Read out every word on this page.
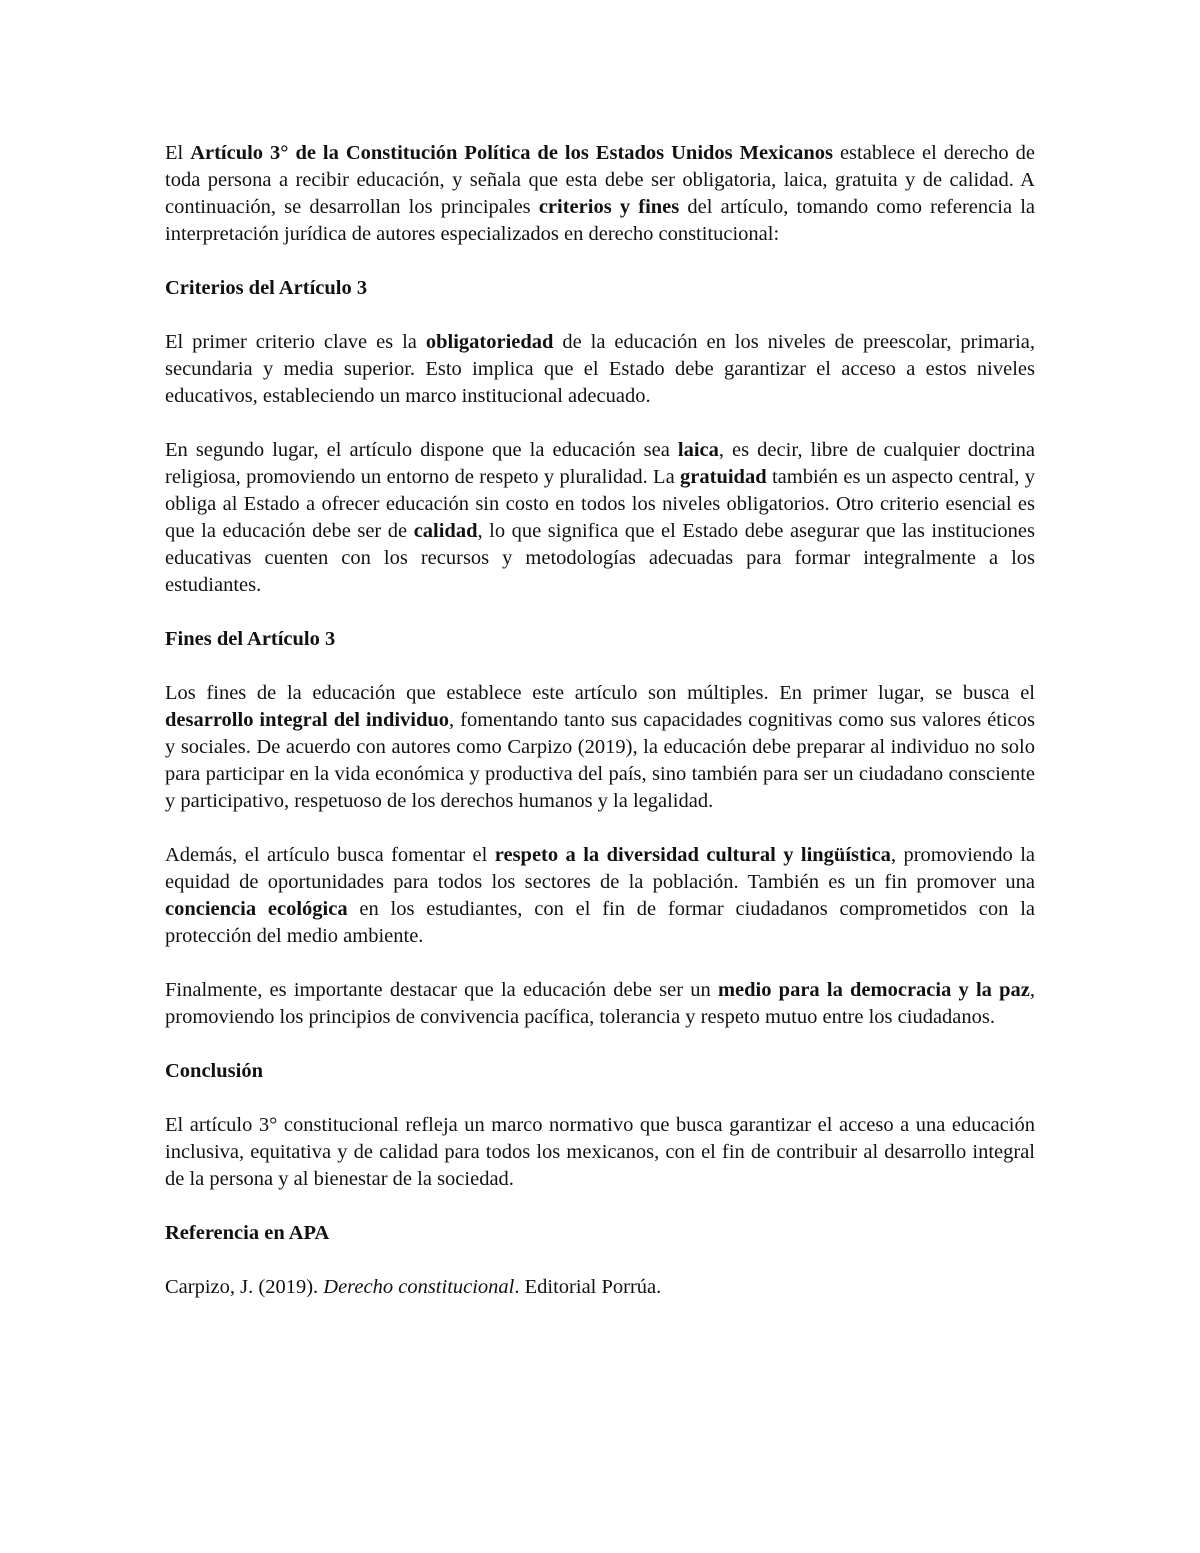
El Artículo 3° de la Constitución Política de los Estados Unidos Mexicanos establece el derecho de toda persona a recibir educación, y señala que esta debe ser obligatoria, laica, gratuita y de calidad. A continuación, se desarrollan los principales criterios y fines del artículo, tomando como referencia la interpretación jurídica de autores especializados en derecho constitucional:

Criterios del Artículo 3

El primer criterio clave es la obligatoriedad de la educación en los niveles de preescolar, primaria, secundaria y media superior. Esto implica que el Estado debe garantizar el acceso a estos niveles educativos, estableciendo un marco institucional adecuado.

En segundo lugar, el artículo dispone que la educación sea laica, es decir, libre de cualquier doctrina religiosa, promoviendo un entorno de respeto y pluralidad. La gratuidad también es un aspecto central, y obliga al Estado a ofrecer educación sin costo en todos los niveles obligatorios. Otro criterio esencial es que la educación debe ser de calidad, lo que significa que el Estado debe asegurar que las instituciones educativas cuenten con los recursos y metodologías adecuadas para formar integralmente a los estudiantes.

Fines del Artículo 3

Los fines de la educación que establece este artículo son múltiples. En primer lugar, se busca el desarrollo integral del individuo, fomentando tanto sus capacidades cognitivas como sus valores éticos y sociales. De acuerdo con autores como Carpizo (2019), la educación debe preparar al individuo no solo para participar en la vida económica y productiva del país, sino también para ser un ciudadano consciente y participativo, respetuoso de los derechos humanos y la legalidad.

Además, el artículo busca fomentar el respeto a la diversidad cultural y lingüística, promoviendo la equidad de oportunidades para todos los sectores de la población. También es un fin promover una conciencia ecológica en los estudiantes, con el fin de formar ciudadanos comprometidos con la protección del medio ambiente.

Finalmente, es importante destacar que la educación debe ser un medio para la democracia y la paz, promoviendo los principios de convivencia pacífica, tolerancia y respeto mutuo entre los ciudadanos.

Conclusión

El artículo 3° constitucional refleja un marco normativo que busca garantizar el acceso a una educación inclusiva, equitativa y de calidad para todos los mexicanos, con el fin de contribuir al desarrollo integral de la persona y al bienestar de la sociedad.

Referencia en APA

Carpizo, J. (2019). Derecho constitucional. Editorial Porrúa.
